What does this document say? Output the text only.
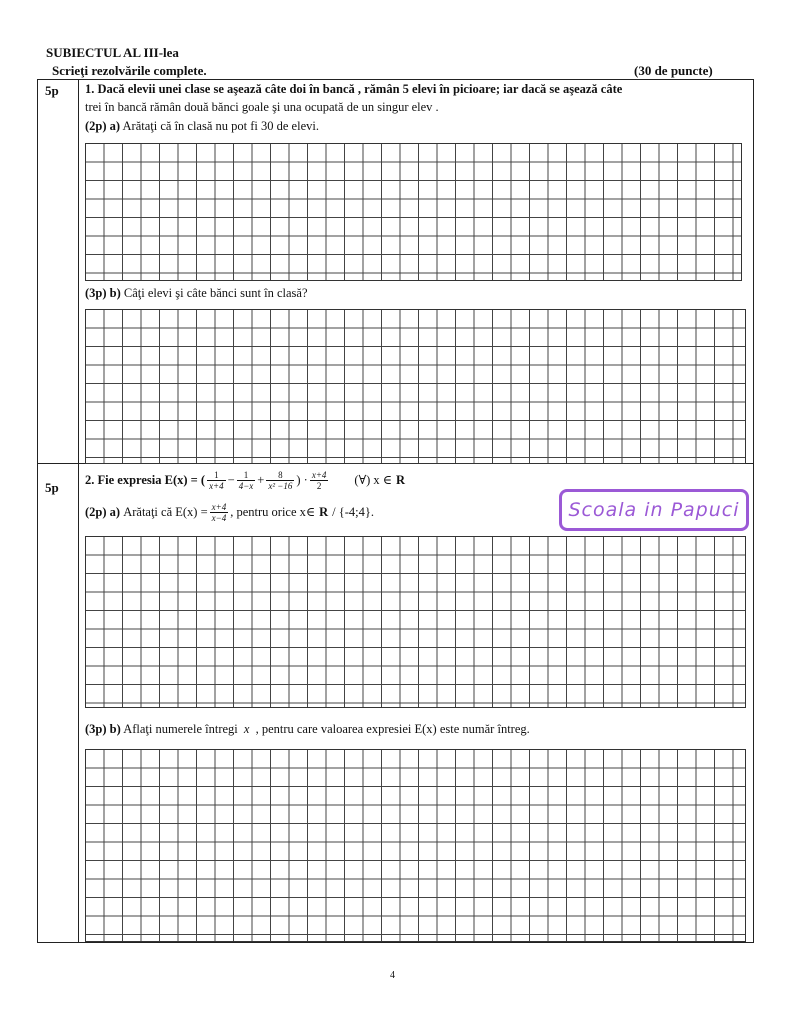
SUBIECTUL AL III-lea
Scrieţi rezolvările complete.	(30 de puncte)
5p 1. Dacă elevii unei clase se aşează câte doi în bancă , rămân 5 elevi în picioare; iar dacă se aşează câte
trei în bancă rămân două bănci goale şi una ocupată de un singur elev .
(2p) a) Arătaţi că în clasă nu pot fi 30 de elevi.
(3p) b) Câţi elevi şi câte bănci sunt în clasă?
5p
2. Fie expresia E(x) = ( $\frac{1}{x+4} - \frac{1}{4-x} + \frac{8}{\text{x² −16}}$ ) · $\frac{x+4}{2}$ (∀) x ∈ R
(2p)
a)
Arătaţi că $E(x) = \frac{x+4}{x-4}$ , pentru orice x∈ R / {-4;4}.	Scoala in Papuci
(3p) b) Aflaţi numerele întregi x , pentru care valoarea expresiei E(x) este număr întreg.
4
